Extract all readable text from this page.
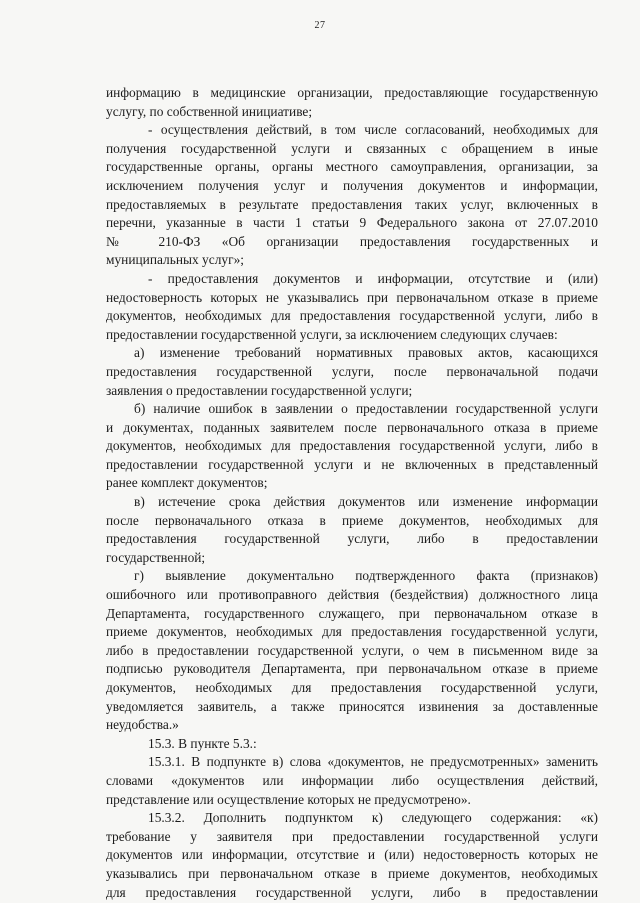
27
информацию в медицинские организации, предоставляющие государственную
услугу, по собственной инициативе;
- осуществления действий, в том числе согласований, необходимых для
получения государственной услуги и связанных с обращением в иные
государственные органы, органы местного самоуправления, организации, за
исключением получения услуг и получения документов и информации,
предоставляемых в результате предоставления таких услуг, включенных в
перечни, указанные в части 1 статьи 9 Федерального закона от 27.07.2010
№ 210-ФЗ «Об организации предоставления государственных и
муниципальных услуг»;
- предоставления документов и информации, отсутствие и (или)
недостоверность которых не указывались при первоначальном отказе в приеме
документов, необходимых для предоставления государственной услуги, либо в
предоставлении государственной услуги, за исключением следующих случаев:
а) изменение требований нормативных правовых актов, касающихся
предоставления государственной услуги, после первоначальной подачи
заявления о предоставлении государственной услуги;
б) наличие ошибок в заявлении о предоставлении государственной услуги
и документах, поданных заявителем после первоначального отказа в приеме
документов, необходимых для предоставления государственной услуги, либо в
предоставлении государственной услуги и не включенных в представленный
ранее комплект документов;
в) истечение срока действия документов или изменение информации
после первоначального отказа в приеме документов, необходимых для
предоставления государственной услуги, либо в предоставлении
государственной;
г) выявление документально подтвержденного факта (признаков)
ошибочного или противоправного действия (бездействия) должностного лица
Департамента, государственного служащего, при первоначальном отказе в
приеме документов, необходимых для предоставления государственной услуги,
либо в предоставлении государственной услуги, о чем в письменном виде за
подписью руководителя Департамента, при первоначальном отказе в приеме
документов, необходимых для предоставления государственной услуги,
уведомляется заявитель, а также приносятся извинения за доставленные
неудобства.»
15.3. В пункте 5.3.:
15.3.1. В подпункте в) слова «документов, не предусмотренных» заменить
словами «документов или информации либо осуществления действий,
представление или осуществление которых не предусмотрено».
15.3.2. Дополнить подпунктом к) следующего содержания: «к)
требование у заявителя при предоставлении государственной услуги
документов или информации, отсутствие и (или) недостоверность которых не
указывались при первоначальном отказе в приеме документов, необходимых
для предоставления государственной услуги, либо в предоставлении
